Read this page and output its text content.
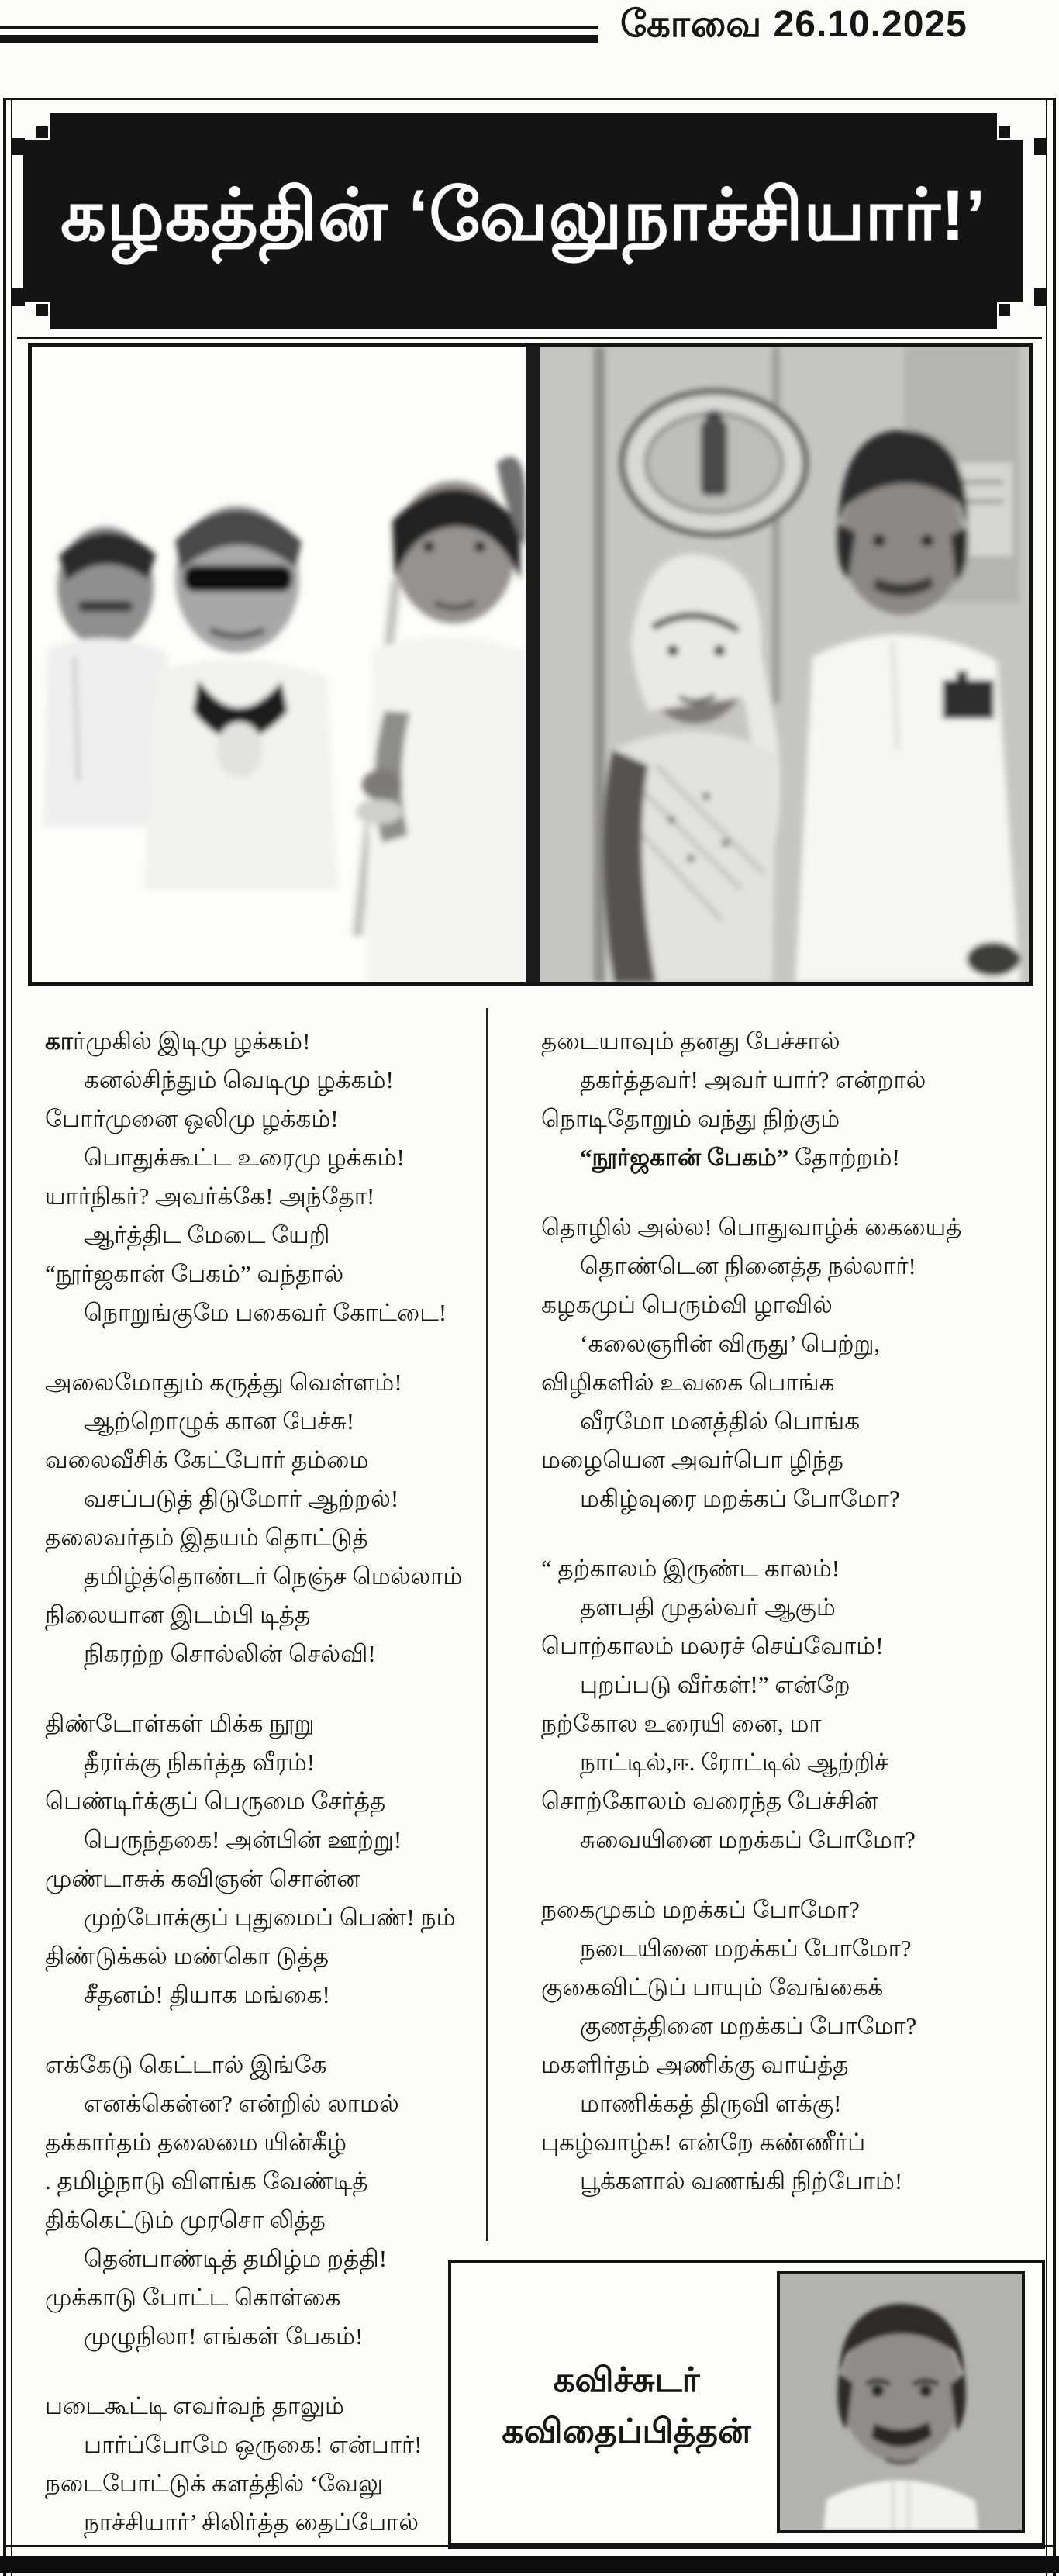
கோவை 26.10.2025
கழகத்தின் ‘வேலுநாச்சியார்!’
கார்முகில் இடிமு ழக்கம்!
கனல்சிந்தும் வெடிமு ழக்கம்!
போர்முனை ஒலிமு ழக்கம்!
பொதுக்கூட்ட உரைமு ழக்கம்!
யார்நிகர்? அவர்க்கே! அந்தோ!
ஆர்த்திட மேடை யேறி
“நூர்ஜகான் பேகம்” வந்தால்
நொறுங்குமே பகைவர் கோட்டை!
அலைமோதும் கருத்து வெள்ளம்!
ஆற்றொழுக் கான பேச்சு!
வலைவீசிக் கேட்போர் தம்மை
வசப்படுத் திடுமோர் ஆற்றல்!
தலைவர்தம் இதயம் தொட்டுத்
தமிழ்த்தொண்டர் நெஞ்ச மெல்லாம்
நிலையான இடம்பி டித்த
நிகரற்ற சொல்லின் செல்வி!
திண்டோள்கள் மிக்க நூறு
தீரர்க்கு நிகர்த்த வீரம்!
பெண்டிர்க்குப் பெருமை சேர்த்த
பெருந்தகை! அன்பின் ஊற்று!
முண்டாசுக் கவிஞன் சொன்ன
முற்போக்குப் புதுமைப் பெண்! நம்
திண்டுக்கல் மண்கொ டுத்த
சீதனம்! தியாக மங்கை!
எக்கேடு கெட்டால் இங்கே
எனக்கென்ன? என்றில் லாமல்
தக்கார்தம் தலைமை யின்கீழ்
. தமிழ்நாடு விளங்க வேண்டித்
திக்கெட்டும் முரசொ லித்த
தென்பாண்டித் தமிழ்ம றத்தி!
முக்காடு போட்ட கொள்கை
முழுநிலா! எங்கள் பேகம்!
படைகூட்டி எவர்வந் தாலும்
பார்ப்போமே ஒருகை! என்பார்!
நடைபோட்டுக் களத்தில் ‘வேலு
நாச்சியார்’ சிலிர்த்த தைப்போல்
தடையாவும் தனது பேச்சால்
தகர்த்தவர்! அவர் யார்? என்றால்
நொடிதோறும் வந்து நிற்கும்
“நூர்ஜகான் பேகம்” தோற்றம்!
தொழில் அல்ல! பொதுவாழ்க் கையைத்
தொண்டென நினைத்த நல்லார்!
கழகமுப் பெரும்வி ழாவில்
‘கலைஞரின் விருது’ பெற்று,
விழிகளில் உவகை பொங்க
வீரமோ மனத்தில் பொங்க
மழையென அவர்பொ ழிந்த
மகிழ்வுரை மறக்கப் போமோ?
“ தற்காலம் இருண்ட காலம்!
தளபதி முதல்வர் ஆகும்
பொற்காலம் மலரச் செய்வோம்!
புறப்படு வீர்கள்!” என்றே
நற்கோல உரையி னை, மா
நாட்டில்,ஈ. ரோட்டில் ஆற்றிச்
சொற்கோலம் வரைந்த பேச்சின்
சுவையினை மறக்கப் போமோ?
நகைமுகம் மறக்கப் போமோ?
நடையினை மறக்கப் போமோ?
குகைவிட்டுப் பாயும் வேங்கைக்
குணத்தினை மறக்கப் போமோ?
மகளிர்தம் அணிக்கு வாய்த்த
மாணிக்கத் திருவி ளக்கு!
புகழ்வாழ்க! என்றே கண்ணீர்ப்
பூக்களால் வணங்கி நிற்போம்!
கவிச்சுடர்
கவிதைப்பித்தன்
